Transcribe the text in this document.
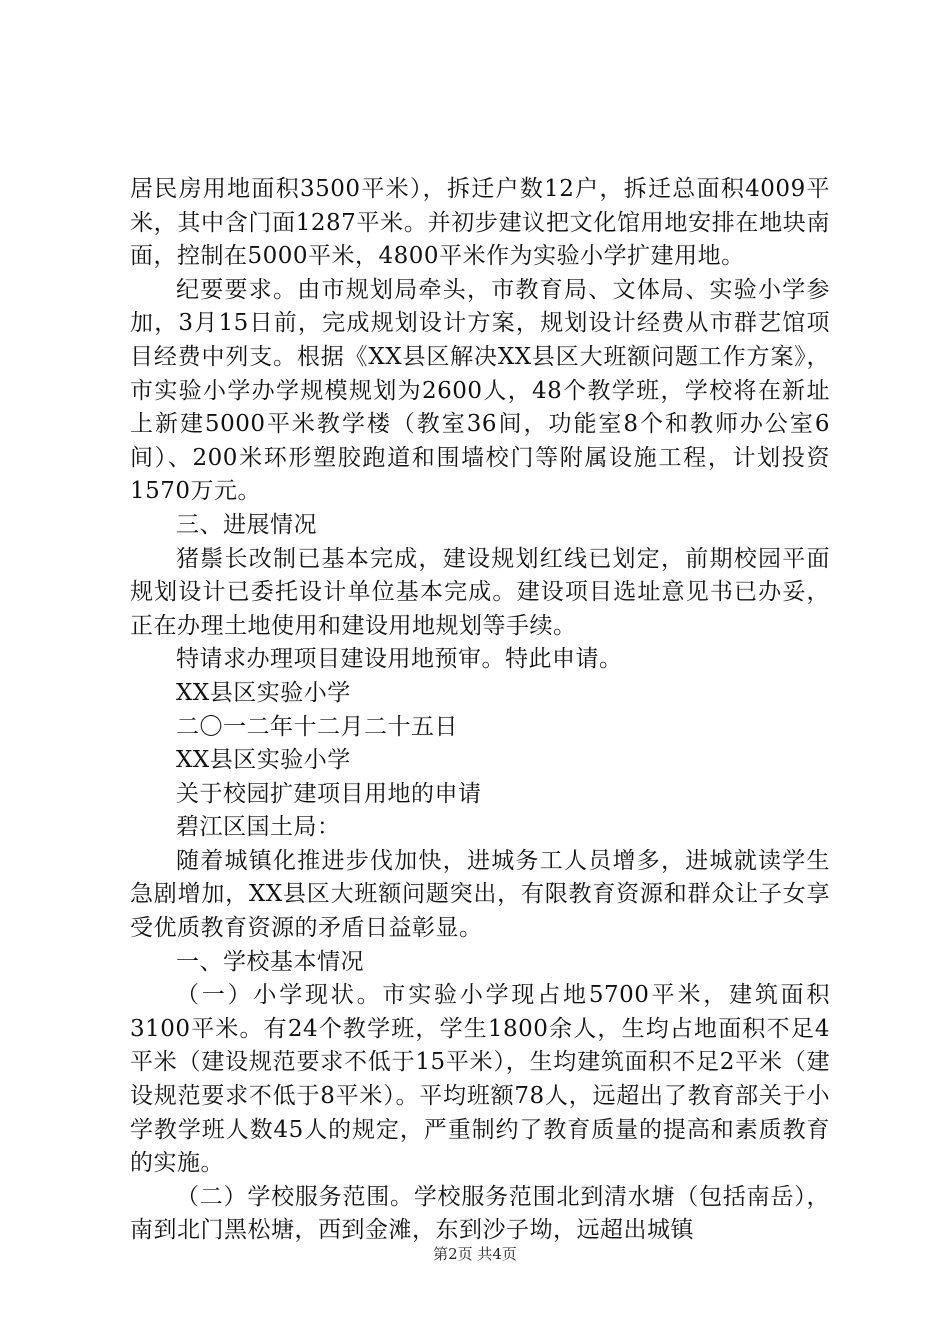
居民房用地面积3500平米），拆迁户数12户，拆迁总面积4009平米，其中含门面1287平米。并初步建议把文化馆用地安排在地块南面，控制在5000平米，4800平米作为实验小学扩建用地。

纪要要求。由市规划局牵头，市教育局、文体局、实验小学参加，3月15日前，完成规划设计方案，规划设计经费从市群艺馆项目经费中列支。根据《XX县区解决XX县区大班额问题工作方案》，市实验小学办学规模规划为2600人，48个教学班，学校将在新址上新建5000平米教学楼（教室36间，功能室8个和教师办公室6间）、200米环形塑胶跑道和围墙校门等附属设施工程，计划投资1570万元。

三、进展情况

猪鬃长改制已基本完成，建设规划红线已划定，前期校园平面规划设计已委托设计单位基本完成。建设项目选址意见书已办妥，正在办理土地使用和建设用地规划等手续。

特请求办理项目建设用地预审。特此申请。

XX县区实验小学

二〇一二年十二月二十五日

XX县区实验小学

关于校园扩建项目用地的申请

碧江区国土局：

随着城镇化推进步伐加快，进城务工人员增多，进城就读学生急剧增加，XX县区大班额问题突出，有限教育资源和群众让子女享受优质教育资源的矛盾日益彰显。

一、学校基本情况

（一）小学现状。市实验小学现占地5700平米，建筑面积3100平米。有24个教学班，学生1800余人，生均占地面积不足4平米（建设规范要求不低于15平米），生均建筑面积不足2平米（建设规范要求不低于8平米）。平均班额78人，远超出了教育部关于小学教学班人数45人的规定，严重制约了教育质量的提高和素质教育的实施。

（二）学校服务范围。学校服务范围北到清水塘（包括南岳），南到北门黑松塘，西到金滩，东到沙子坳，远超出城镇

第2页 共4页
